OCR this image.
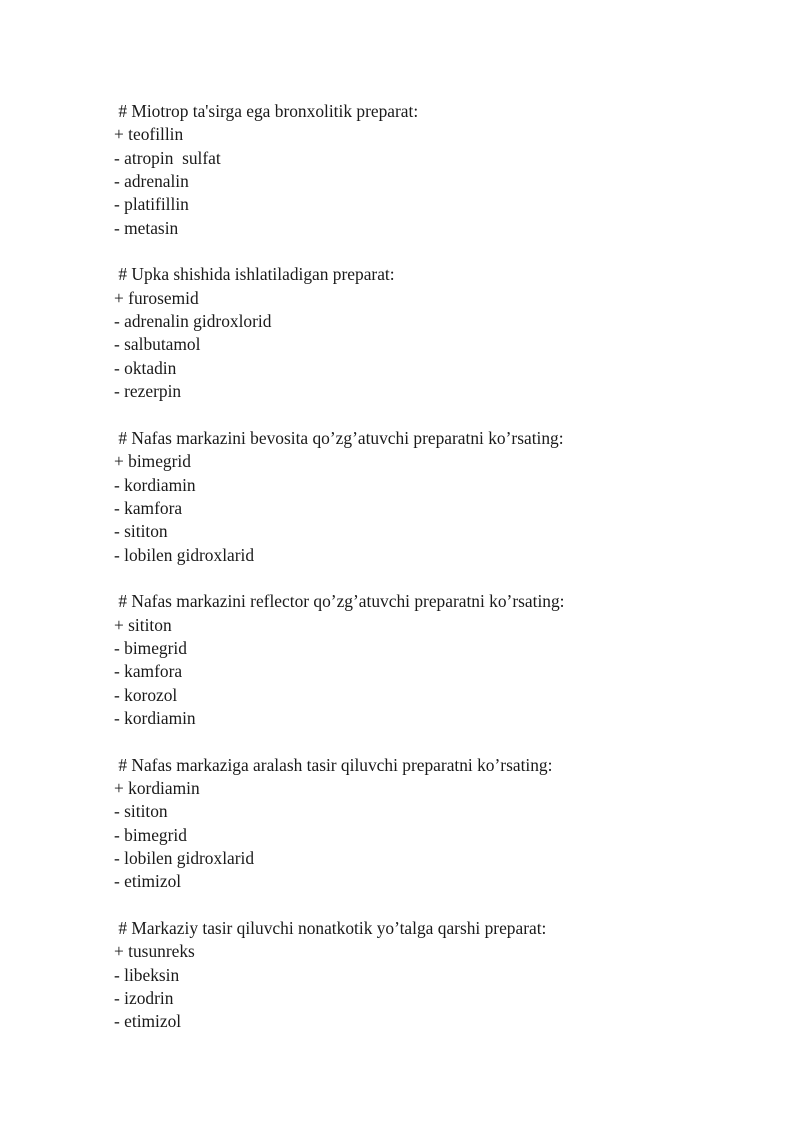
# Miotrop ta'sirga ega bronxolitik preparat:
+ teofillin
- atropin  sulfat
- adrenalin
- platifillin
- metasin
# Upka shishida ishlatiladigan preparat:
+ furosemid
- adrenalin gidroxlorid
- salbutamol
- oktadin
- rezerpin
# Nafas markazini bevosita qo’zg’atuvchi preparatni ko’rsating:
+ bimegrid
- kordiamin
- kamfora
- sititon
- lobilen gidroxlarid
# Nafas markazini reflector qo’zg’atuvchi preparatni ko’rsating:
+ sititon
- bimegrid
- kamfora
- korozol
- kordiamin
# Nafas markaziga aralash tasir qiluvchi preparatni ko’rsating:
+ kordiamin
- sititon
- bimegrid
- lobilen gidroxlarid
- etimizol
# Markaziy tasir qiluvchi nonatkotik yo’talga qarshi preparat:
+ tusunreks
- libeksin
- izodrin
- etimizol
